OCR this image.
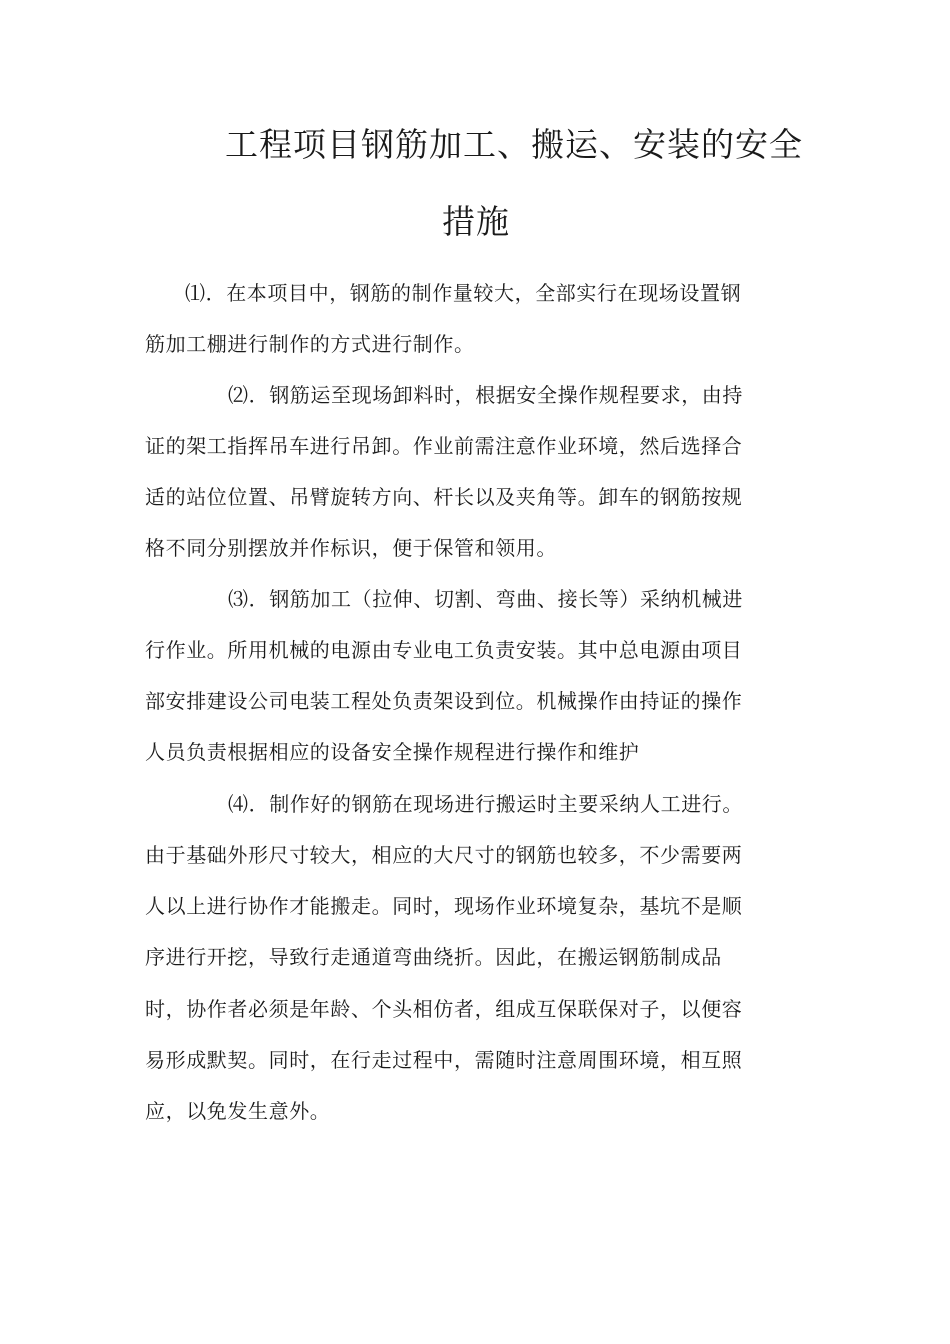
工程项目钢筋加工、搬运、安装的安全
措施
⑴．在本项目中，钢筋的制作量较大，全部实行在现场设置钢
筋加工棚进行制作的方式进行制作。
⑵．钢筋运至现场卸料时，根据安全操作规程要求，由持
证的架工指挥吊车进行吊卸。作业前需注意作业环境，然后选择合
适的站位位置、吊臂旋转方向、杆长以及夹角等。卸车的钢筋按规
格不同分别摆放并作标识，便于保管和领用。
⑶．钢筋加工（拉伸、切割、弯曲、接长等）采纳机械进
行作业。所用机械的电源由专业电工负责安装。其中总电源由项目
部安排建设公司电装工程处负责架设到位。机械操作由持证的操作
人员负责根据相应的设备安全操作规程进行操作和维护
⑷．制作好的钢筋在现场进行搬运时主要采纳人工进行。
由于基础外形尺寸较大，相应的大尺寸的钢筋也较多，不少需要两
人以上进行协作才能搬走。同时，现场作业环境复杂，基坑不是顺
序进行开挖，导致行走通道弯曲绕折。因此，在搬运钢筋制成品
时，协作者必须是年龄、个头相仿者，组成互保联保对子，以便容
易形成默契。同时，在行走过程中，需随时注意周围环境，相互照
应，以免发生意外。
